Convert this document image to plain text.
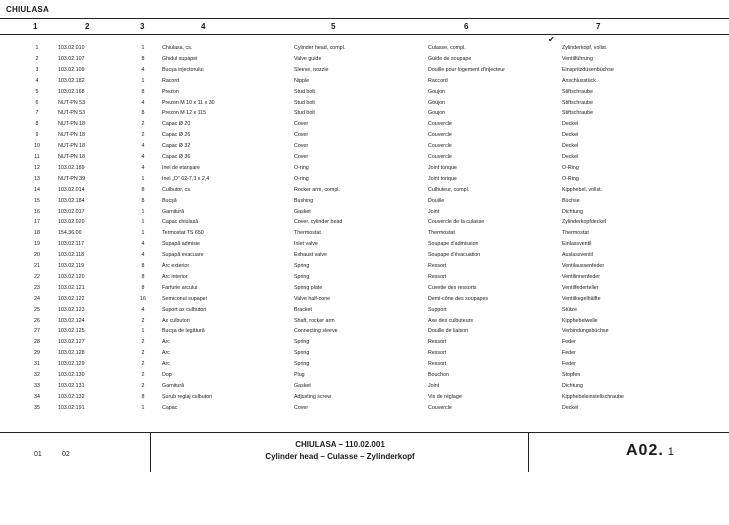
CHIULASA
1	2	3	4	5	6	7
✔
1	103.02.010	1	Chiulasa, cs.	Cylinder head, compl.	Culasse, compl.	Zylinderkopf, vollst.
2	103.02.107	8	Ghidul supapei	Valve guide	Guide de soupape	Ventilführung
3	103.02.109	4	Bucşa injectorului	Sleeve, nozzle	Douille pour logement d'injecteur	Einspritzdüsenbüchse
4	103.02.182	1	Racord	Nipple	Raccord	Anschlusstück
5	103.02.168	8	Prezon	Stud bolt	Goujon	Stiftschraube
6	NUT-PN 53	4	Prezon M 10 x 11 x 30	Stud bolt	Goujon	Stiftschraube
7	NUT-PN 53	8	Prezon M 12 x 115	Stud bolt	Goujon	Stiftschraube
8	NUT-PN 18	2	Capac Ø 20	Cover	Couvercle	Deckel
9	NUT-PN 18	2	Capac Ø 26	Cover	Couvercle	Deckel
10	NUT-PN 18	4	Capac Ø 32	Cover	Couvercle	Deckel
11	NUT-PN 18	4	Capac Ø 36	Cover	Couvercle	Deckel
12	103.02.189	4	Inel de etanşare	O-ring	Joint torique	O-Ring
13	NUT-PN 39	1	Inel „O" 62-7,3 x 2,4	O-ring	Joint torique	O-Ring
14	103.02.014	8	Culbutor, cs.	Rocker arm, compl.	Culbuteur, compl.	Kipphebel, vollst.
15	103.02.184	8	Bucşă	Bushing	Douille	Büchse
16	103.02.017	1	Garnitură	Gasket	Joint	Dichtung
17	103.02.020	1	Capac chiulasă	Cover, cylinder head	Couvercle de la culasse	Zylinderkopfdeckel
18	154.36.00	1	Termostat TS 650	Thermostat	Thermostat	Thermostat
19	103.02.117	4	Supapă admisie	Inlet valve	Soupape d'admission	Einlassventil
20	103.02.118	4	Supapă evacuare	Exhaust valve	Soupape d'évacuation	Auslassventil
21	103.02.119	8	Arc exterior	Spring	Ressort	Ventilaussenfeder
22	103.02.120	8	Arc interior	Spring	Ressort	Ventilinnenfeder
23	103.02.121	8	Farfurie arcului	Spring plate	Cuvette des ressorts	Ventilfederteller
24	103.02.122	16	Semiconul supapei	Valve half-cone	Demi-cône des soupapes	Ventilkegelhälfte
25	103.02.123	4	Suport ax culbutori	Bracket	Support	Stütze
26	103.02.124	2	Ax culbutori	Shaft, rocker arm	Axe des culbuteurs	Kipphebelwelle
27	103.02.125	1	Bucşa de legătură	Connecting sleeve	Douille de liaison	Verbindungsbüchse
28	103.02.127	2	Arc	Spring	Ressort	Feder
29	103.02.128	2	Arc	Spring	Ressort	Feder
31	103.02.129	2	Arc	Spring	Ressort	Feder
32	103.02.130	2	Dop	Plug	Bouchon	Stopfen
33	103.02.131	2	Garnitură	Gasket	Joint	Dichtung
34	103.02.132	8	Şurub reglaj culbutori	Adjusting screw	Vis de réglage	Kipphebeleinstellschraube
35	103.02.191	1	Capac	Cover	Couvercle	Deckel
01	02
CHIULASA – 110.02.001
Cylinder head – Culasse – Zylinderkopf	A02. 1
